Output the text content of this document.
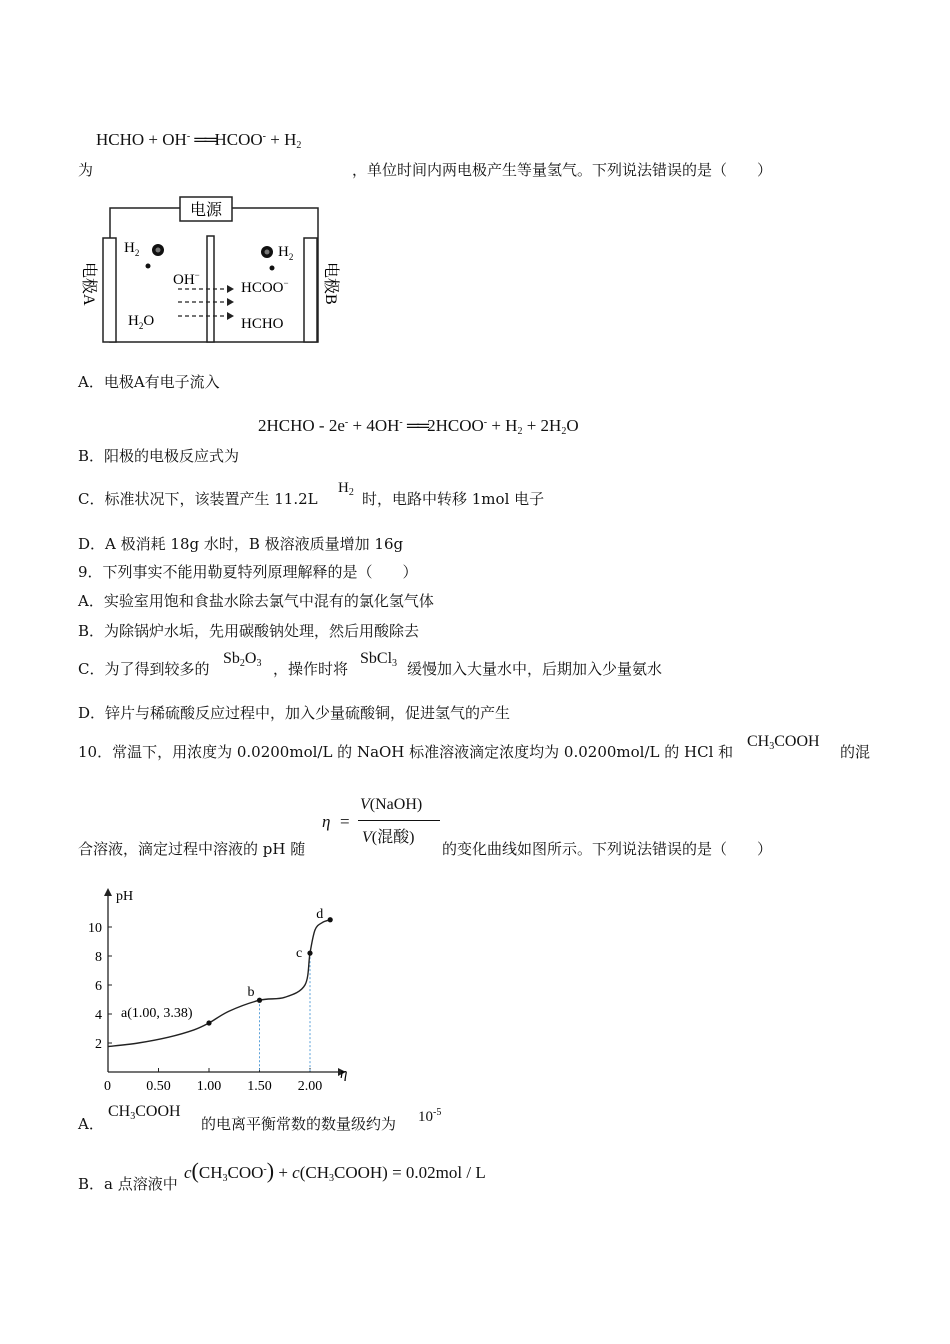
HCHO + OH- ══HCOO- + $H_2$
为	，单位时间内两电极产生等量氢气。下列说法错误的是（　　）
电源
$H_2$	$H_2$
OH−
$H_2O$
HCOO−
HCHO
电极A	电极B
A．电极A有电子流入
2HCHO - 2e- + 4OH- ══2HCOO- + $H_2 + 2H_2O$
B．阳极的电极反应式为
C．标准状况下，该装置产生 11.2L
$H_2$ 时，电路中转移 1mol 电子
D．A 极消耗 18g 水时，B 极溶液质量增加 16g
9．下列事实不能用勒夏特列原理解释的是（　　）
A．实验室用饱和食盐水除去氯气中混有的氯化氢气体
B．为除锅炉水垢，先用碳酸钠处理，然后用酸除去
C．为了得到较多的
$Sb_2O_3$ ，操作时将
SbCl$_3$ 缓慢加入大量水中，后期加入少量氨水
D．锌片与稀硫酸反应过程中，加入少量硫酸铜，促进氢气的产生
10．常温下，用浓度为 0.0200mol/L 的 NaOH 标准溶液滴定浓度均为 0.0200mol/L 的 HCl 和
$CH_3COOH$
的混
η =
V(NaOH)
V(混酸)
合溶液，滴定过程中溶液的 pH 随	的变化曲线如图所示。下列说法错误的是（　　）
pH
η
0	0.50 1.00 1.50 2.00
2
4
6
8
10
a(1.00, 3.38)
b
c
d
A．
$CH_3COOH$
的电离平衡常数的数量级约为 $10^{-5}$
B．a 点溶液中
$c(CH_3COO^-)$ + $c(CH_3COOH) = 0.02mol / L$
